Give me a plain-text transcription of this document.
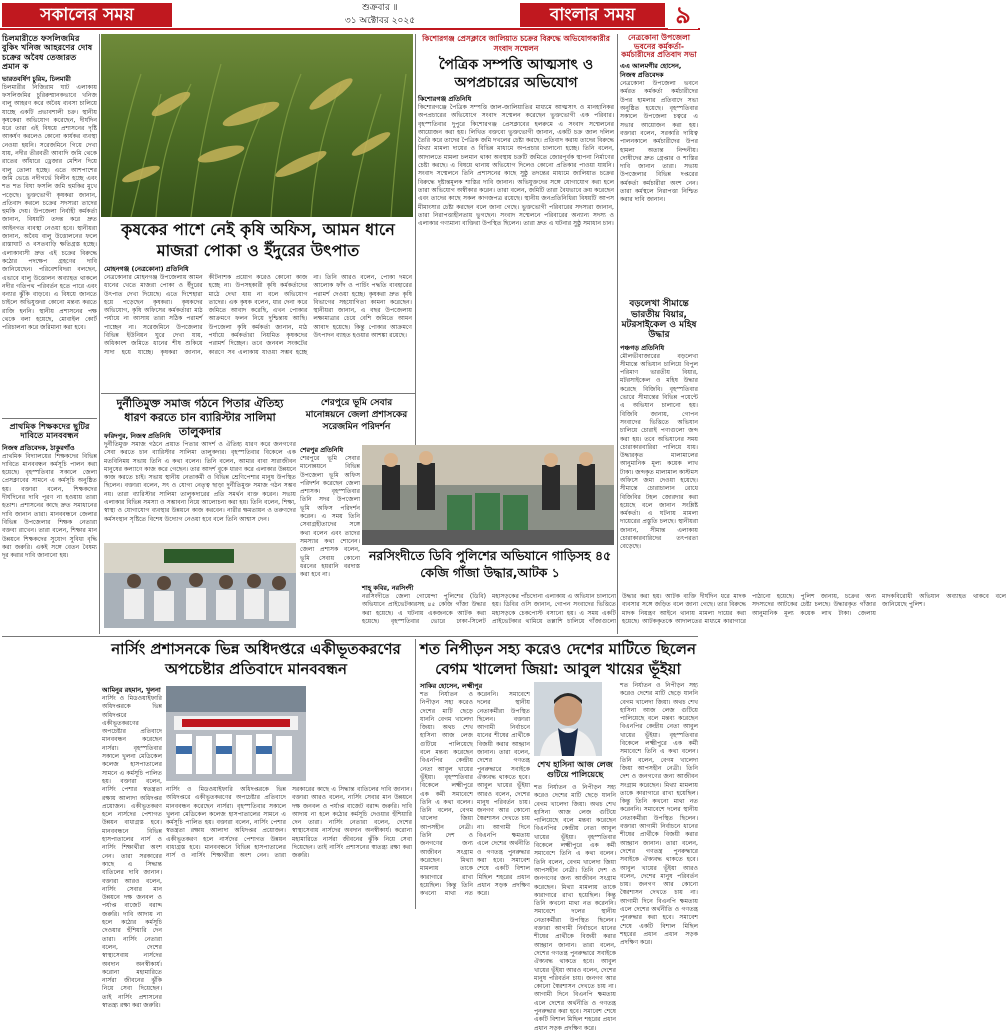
সকালের সময়	শুক্রবার ॥
৩১ অক্টোবর ২০২৫	বাংলার সময়	৯
চিলমারীতে ফসলিজমির বুকিং খনিজ আহরণের দোষ চক্রের অবৈধ তেজারত প্রমান ক
ভারতবর্ষিণ চুরিম, চিলমারী
চিলমারীর নিজিরাম ঘাট এলাকায় ফসলিজমির চুরিরুম্মানকভাবে খনিজ বালু আহরণ করে অবৈধ ব্যবসা চালিয়ে যাচ্ছে একটি প্রভাবশালী চক্র। স্থানীয় কৃষকেরা অভিযোগ করেছেন, দীর্ঘদিন ধরে তারা এই বিষয়ে প্রশাসনের দৃষ্টি আকর্ষণ করলেও কোনো কার্যকর ব্যবস্থা নেওয়া হয়নি। সরেজমিনে গিয়ে দেখা যায়, নদীর তীরবর্তী আবাদি জমি থেকে রাতের আঁধারে ড্রেজার মেশিন দিয়ে বালু তোলা হচ্ছে। এতে আশপাশের জমি ভেঙে নদীগর্ভে বিলীন হচ্ছে এবং শত শত বিঘা ফসলি জমি হুমকির মুখে পড়েছে। ভুক্তভোগী কৃষকরা জানান, প্রতিবাদ করলে চক্রের সদস্যরা তাদের হুমকি দেয়। উপজেলা নির্বাহী কর্মকর্তা জানান, বিষয়টি তদন্ত করে দ্রুত আইনগত ব্যবস্থা নেওয়া হবে। স্থানীয়রা জানান, অবৈধ বালু উত্তোলনের ফলে রাস্তাঘাট ও বসতবাড়ি ক্ষতিগ্রস্ত হচ্ছে। এলাকাবাসী দ্রুত এই চক্রের বিরুদ্ধে কঠোর পদক্ষেপ গ্রহণের দাবি জানিয়েছেন। পরিবেশবিদরা বলছেন, এভাবে বালু উত্তোলন অব্যাহত থাকলে নদীর গতিপথ পরিবর্তন হতে পারে এবং বন্যার ঝুঁকি বাড়বে। এ বিষয়ে জানতে চাইলে অভিযুক্তরা কোনো মন্তব্য করতে রাজি হননি। স্থানীয় প্রশাসনের পক্ষ থেকে বলা হয়েছে, মোবাইল কোর্ট পরিচালনা করে জরিমানা করা হবে।
প্রাথমিক শিক্ষকদের ছুটির দাবিতে মানববন্ধন
নিজস্ব প্রতিবেদক, ঠাকুরগাঁও
প্রাথমিক বিদ্যালয়ের শিক্ষকদের বিভিন্ন দাবিতে মানববন্ধন কর্মসূচি পালন করা হয়েছে। বৃহস্পতিবার সকালে জেলা প্রেসক্লাবের সামনে এ কর্মসূচি অনুষ্ঠিত হয়। বক্তারা বলেন, শিক্ষকদের দীর্ঘদিনের দাবি পূরণ না হওয়ায় তারা হতাশ। প্রশাসনের কাছে দ্রুত সমাধানের দাবি জানান তারা। মানববন্ধনে জেলার বিভিন্ন উপজেলার শিক্ষক নেতারা বক্তব্য রাখেন। তারা বলেন, শিক্ষার মান উন্নয়নে শিক্ষকদের সুযোগ সুবিধা বৃদ্ধি করা জরুরি। একই সঙ্গে বেতন বৈষম্য দূর করার দাবি জানানো হয়।
কৃষকের পাশে নেই কৃষি অফিস, আমন ধানে মাজরা পোকা ও ইঁদুরের উৎপাত
মোহনগঞ্জ (নেত্রকোনা) প্রতিনিধি
নেত্রকোনার মোহনগঞ্জ উপজেলায় আমন ধানের খেতে মাজরা পোকা ও ইঁদুরের উৎপাত দেখা দিয়েছে। এতে দিশেহারা হয়ে পড়েছেন কৃষকরা। কৃষকদের অভিযোগ, কৃষি অফিসের কর্মকর্তারা মাঠ পর্যায়ে না আসায় তারা সঠিক পরামর্শ পাচ্ছেন না। সরেজমিনে উপজেলার বিভিন্ন ইউনিয়ন ঘুরে দেখা যায়, অধিকাংশ জমিতে ধানের শীষ শুকিয়ে সাদা হয়ে যাচ্ছে। কৃষকরা জানান, কীটনাশক প্রয়োগ করেও কোনো কাজ হচ্ছে না। উপসহকারী কৃষি কর্মকর্তাদের মাঠে দেখা যায় না বলে অভিযোগ তাদের। এক কৃষক বলেন, ধার দেনা করে জমিতে আবাদ করেছি, এখন পোকার আক্রমণে ফলন নিয়ে দুশ্চিন্তায় আছি। উপজেলা কৃষি কর্মকর্তা জানান, মাঠ পর্যায়ে কর্মকর্তারা নিয়মিত কৃষকদের পরামর্শ দিচ্ছেন। তবে জনবল সংকটের কারণে সব এলাকায় যাওয়া সম্ভব হচ্ছে না। তিনি আরও বলেন, পোকা দমনে আলোক ফাঁদ ও পার্চিং পদ্ধতি ব্যবহারের পরামর্শ দেওয়া হচ্ছে। কৃষকরা দ্রুত কৃষি বিভাগের সহযোগিতা কামনা করেছেন। স্থানীয়রা জানান, এ বছর উপজেলায় লক্ষ্যমাত্রার চেয়ে বেশি জমিতে আমন আবাদ হয়েছে। কিন্তু পোকার আক্রমণে উৎপাদন ব্যাহত হওয়ার আশঙ্কা রয়েছে।
কিশোরগঞ্জ প্রেসক্লাবে জালিয়াত চক্রের বিরুদ্ধে অভিযোগকারীর সংবাদ সম্মেলন
পৈত্রিক সম্পত্তি আত্মসাৎ ও অপপ্রচারের অভিযোগ
কিশোরগঞ্জ প্রতিনিধি
কিশোরগঞ্জে পৈত্রিক সম্পত্তি জাল-জালিয়াতির মাধ্যমে আত্মসাৎ ও মানহানিকর অপপ্রচারের অভিযোগে সংবাদ সম্মেলন করেছেন ভুক্তভোগী এক পরিবার। বৃহস্পতিবার দুপুরে কিশোরগঞ্জ প্রেসক্লাবের হলরুমে এ সংবাদ সম্মেলনের আয়োজন করা হয়। লিখিত বক্তব্যে ভুক্তভোগী জানান, একটি চক্র জাল দলিল তৈরি করে তাদের পৈত্রিক জমি দখলের চেষ্টা করছে। প্রতিবাদ করায় তাদের বিরুদ্ধে মিথ্যা মামলা দায়ের ও বিভিন্ন মাধ্যমে অপপ্রচার চালানো হচ্ছে। তিনি বলেন, আদালতে মামলা চলমান থাকা অবস্থায় চক্রটি জমিতে জোরপূর্বক স্থাপনা নির্মাণের চেষ্টা করছে। এ বিষয়ে থানায় অভিযোগ দিলেও কোনো প্রতিকার পাওয়া যায়নি। সংবাদ সম্মেলনে তিনি প্রশাসনের কাছে সুষ্ঠু তদন্তের মাধ্যমে জালিয়াত চক্রের বিরুদ্ধে দৃষ্টান্তমূলক শাস্তির দাবি জানান। অভিযুক্তদের সঙ্গে যোগাযোগ করা হলে তারা অভিযোগ অস্বীকার করেন। তারা বলেন, জমিটি তারা বৈধভাবে ক্রয় করেছেন এবং তাদের কাছে সকল কাগজপত্র রয়েছে। স্থানীয় জনপ্রতিনিধিরা বিষয়টি আপস মীমাংসার চেষ্টা করছেন বলে জানা গেছে। ভুক্তভোগী পরিবারের সদস্যরা জানান, তারা নিরাপত্তাহীনতায় ভুগছেন। সংবাদ সম্মেলনে পরিবারের অন্যান্য সদস্য ও এলাকার গণ্যমান্য ব্যক্তিরা উপস্থিত ছিলেন। তারা দ্রুত এ ঘটনার সুষ্ঠু সমাধান চান।
নেত্রকোনা উপজেলা ভবনের কর্মকর্তা-কর্মচারীদের প্রতিবাদ সভা
এএ আলমগীর হোসেন, নিজস্ব প্রতিবেদক
নেত্রকোনা উপজেলা ভবনে কর্মরত কর্মকর্তা কর্মচারীদের উপর হামলার প্রতিবাদে সভা অনুষ্ঠিত হয়েছে। বৃহস্পতিবার সকালে উপজেলা চত্বরে এ সভার আয়োজন করা হয়। বক্তারা বলেন, সরকারি দায়িত্ব পালনকালে কর্মচারীদের উপর হামলা অত্যন্ত নিন্দনীয়। দোষীদের দ্রুত গ্রেপ্তার ও শাস্তির দাবি জানান তারা। সভায় উপজেলার বিভিন্ন দপ্তরের কর্মকর্তা কর্মচারীরা অংশ নেন। তারা কর্মস্থলে নিরাপত্তা নিশ্চিত করার দাবি জানান।
বড়লেখা সীমান্তে ভারতীয় বিয়ার, মটরসাইকেল ও মহিষ উদ্ধার
পঞ্চগড় প্রতিনিধি
মৌলভীবাজারের বড়লেখা সীমান্তে অভিযান চালিয়ে বিপুল পরিমাণ ভারতীয় বিয়ার, মটরসাইকেল ও মহিষ উদ্ধার করেছে বিজিবি। বৃহস্পতিবার ভোরে সীমান্তের বিভিন্ন পয়েন্টে এ অভিযান চালানো হয়। বিজিবি জানায়, গোপন সংবাদের ভিত্তিতে অভিযান চালিয়ে চোরাই পণ্যগুলো জব্দ করা হয়। তবে অভিযানের সময় চোরাকারবারিরা পালিয়ে যায়। উদ্ধারকৃত মালামালের আনুমানিক মূল্য কয়েক লাখ টাকা। জব্দকৃত মালামাল কাস্টমস অফিসে জমা দেওয়া হয়েছে। সীমান্তে চোরাচালান রোধে বিজিবির টহল জোরদার করা হয়েছে বলে জানান সংশ্লিষ্ট কর্মকর্তা। এ ঘটনায় মামলা দায়েরের প্রস্তুতি চলছে। স্থানীয়রা জানান, সীমান্ত এলাকায় চোরাকারবারিদের তৎপরতা বেড়েছে।
দুর্নীতিমুক্ত সমাজ গঠনে পিতার ঐতিহ্য ধারণ করতে চান ব্যারিস্টার সালিমা তালুকদার
ফরিদপুর, নিজস্ব প্রতিনিধি
দুর্নীতিমুক্ত সমাজ গঠনে প্রয়াত পিতার আদর্শ ও ঐতিহ্য ধারণ করে জনগণের সেবা করতে চান ব্যারিস্টার সালিমা তালুকদার। বৃহস্পতিবার বিকেলে এক মতবিনিময় সভায় তিনি এ কথা বলেন। তিনি বলেন, আমার বাবা সারাজীবন মানুষের কল্যাণে কাজ করে গেছেন। তার আদর্শ বুকে ধারণ করে এলাকার উন্নয়নে কাজ করতে চাই। সভায় স্থানীয় নেতাকর্মী ও বিভিন্ন শ্রেণিপেশার মানুষ উপস্থিত ছিলেন। বক্তারা বলেন, সৎ ও যোগ্য নেতৃত্ব ছাড়া দুর্নীতিমুক্ত সমাজ গঠন সম্ভব নয়। তারা ব্যারিস্টার সালিমা তালুকদারের প্রতি সমর্থন ব্যক্ত করেন। সভায় এলাকার বিভিন্ন সমস্যা ও সম্ভাবনা নিয়ে আলোচনা করা হয়। তিনি বলেন, শিক্ষা, স্বাস্থ্য ও যোগাযোগ ব্যবস্থার উন্নয়নে কাজ করবেন। নারীর ক্ষমতায়ন ও তরুণদের কর্মসংস্থান সৃষ্টিতে বিশেষ উদ্যোগ নেওয়া হবে বলে তিনি আশ্বাস দেন।
শেরপুরে ভূমি সেবার মানোন্নয়নে জেলা প্রশাসকের সরেজমিন পরিদর্শন
শেরপুর প্রতিনিধি
শেরপুরে ভূমি সেবার মানোন্নয়নে বিভিন্ন উপজেলা ভূমি অফিস পরিদর্শন করেছেন জেলা প্রশাসক। বৃহস্পতিবার তিনি সদর উপজেলা ভূমি অফিস পরিদর্শন করেন। এ সময় তিনি সেবাগ্রহীতাদের সঙ্গে কথা বলেন এবং তাদের সমস্যার কথা শোনেন। জেলা প্রশাসক বলেন, ভূমি সেবায় কোনো ধরনের হয়রানি বরদাস্ত করা হবে না।
নরসিংদীতে ডিবি পুলিশের অভিযানে গাড়িসহ ৪৫ কেজি গাঁজা উদ্ধার,আটক ১
শাহ্ কবির, নরসিংদী
নরসিংদীতে জেলা গোয়েন্দা পুলিশের (ডিবি) অভিযানে প্রাইভেটকারসহ ৪৫ কেজি গাঁজা উদ্ধার করা হয়েছে। এ ঘটনায় একজনকে আটক করা হয়েছে। বৃহস্পতিবার ভোরে ঢাকা-সিলেট মহাসড়কের পাঁচদোনা এলাকায় এ অভিযান চালানো হয়। ডিবির ওসি জানান, গোপন সংবাদের ভিত্তিতে মহাসড়কে চেকপোস্ট বসানো হয়। এ সময় একটি প্রাইভেটকার থামিয়ে তল্লাশি চালিয়ে গাঁজাগুলো উদ্ধার করা হয়। আটক ব্যক্তি দীর্ঘদিন ধরে মাদক ব্যবসার সঙ্গে জড়িত বলে জানা গেছে। তার বিরুদ্ধে মাদক নিয়ন্ত্রণ আইনে থানায় মামলা দায়ের করা হয়েছে। আটককৃতকে আদালতের মাধ্যমে কারাগারে পাঠানো হয়েছে। পুলিশ জানায়, চক্রের অন্য সদস্যদের আটকের চেষ্টা চলছে। উদ্ধারকৃত গাঁজার আনুমানিক মূল্য কয়েক লাখ টাকা। জেলায় মাদকবিরোধী অভিযান অব্যাহত থাকবে বলে জানিয়েছে পুলিশ।
নার্সিং প্রশাসনকে ভিন্ন অধিদপ্তরে একীভূতকরণের অপচেষ্টার প্রতিবাদে মানববন্ধন
শত নিপীড়ন সহ্য করেও দেশের মাটিতে ছিলেন বেগম খালেদা জিয়া: আবুল খায়ের ভূঁইয়া
আমিনুর রহমান, খুলনা
নার্সিং ও মিডওয়াইফারি অধিদপ্তরকে ভিন্ন অধিদপ্তরে একীভূতকরণের অপচেষ্টার প্রতিবাদে মানববন্ধন করেছেন নার্সরা। বৃহস্পতিবার সকালে খুলনা মেডিকেল কলেজ হাসপাতালের সামনে এ কর্মসূচি পালিত হয়। বক্তারা বলেন, নার্সিং পেশার স্বতন্ত্রতা রক্ষায় আলাদা অধিদপ্তর প্রয়োজন। একীভূতকরণ হলে নার্সদের পেশাগত উন্নয়ন বাধাগ্রস্ত হবে। মানববন্ধনে বিভিন্ন হাসপাতালের নার্স ও নার্সিং শিক্ষার্থীরা অংশ নেন। তারা সরকারের কাছে এ সিদ্ধান্ত বাতিলের দাবি জানান। বক্তারা আরও বলেন, নার্সিং সেবার মান উন্নয়নে দক্ষ জনবল ও পর্যাপ্ত বাজেট বরাদ্দ জরুরি। দাবি আদায় না হলে কঠোর কর্মসূচি দেওয়ার হুঁশিয়ারি দেন তারা। নার্সিং নেতারা বলেন, দেশের স্বাস্থ্যসেবায় নার্সদের অবদান অনস্বীকার্য। করোনা মহামারিতে নার্সরা জীবনের ঝুঁকি নিয়ে সেবা দিয়েছেন। তাই নার্সিং প্রশাসনের স্বাতন্ত্র্য রক্ষা করা জরুরি।
নার্সিং ও মিডওয়াইফারি অধিদপ্তরকে ভিন্ন অধিদপ্তরে একীভূতকরণের অপচেষ্টার প্রতিবাদে মানববন্ধন করেছেন নার্সরা। বৃহস্পতিবার সকালে খুলনা মেডিকেল কলেজ হাসপাতালের সামনে এ কর্মসূচি পালিত হয়। বক্তারা বলেন, নার্সিং পেশার স্বতন্ত্রতা রক্ষায় আলাদা অধিদপ্তর প্রয়োজন। একীভূতকরণ হলে নার্সদের পেশাগত উন্নয়ন বাধাগ্রস্ত হবে। মানববন্ধনে বিভিন্ন হাসপাতালের নার্স ও নার্সিং শিক্ষার্থীরা অংশ নেন। তারা সরকারের কাছে এ সিদ্ধান্ত বাতিলের দাবি জানান। বক্তারা আরও বলেন, নার্সিং সেবার মান উন্নয়নে দক্ষ জনবল ও পর্যাপ্ত বাজেট বরাদ্দ জরুরি। দাবি আদায় না হলে কঠোর কর্মসূচি দেওয়ার হুঁশিয়ারি দেন তারা। নার্সিং নেতারা বলেন, দেশের স্বাস্থ্যসেবায় নার্সদের অবদান অনস্বীকার্য। করোনা মহামারিতে নার্সরা জীবনের ঝুঁকি নিয়ে সেবা দিয়েছেন। তাই নার্সিং প্রশাসনের স্বাতন্ত্র্য রক্ষা করা জরুরি।
সাকির হোসেন, লক্ষ্মীপুর
শত নির্যাতন ও নিপীড়ন সহ্য করেও দেশের মাটি ছেড়ে যাননি বেগম খালেদা জিয়া। অথচ শেখ হাসিনা আজ লেজ গুটিয়ে পালিয়েছে বলে মন্তব্য করেছেন বিএনপির কেন্দ্রীয় নেতা আবুল খায়ের ভূঁইয়া। বৃহস্পতিবার বিকেলে লক্ষ্মীপুরে এক কর্মী সমাবেশে তিনি এ কথা বলেন। তিনি বলেন, বেগম খালেদা জিয়া আপসহীন নেত্রী। তিনি দেশ ও জনগণের জন্য আজীবন সংগ্রাম করেছেন। মিথ্যা মামলায় তাকে কারাগারে রাখা হয়েছিল। কিন্তু তিনি কখনো মাথা নত করেননি। সমাবেশে দলের স্থানীয় নেতাকর্মীরা উপস্থিত ছিলেন। বক্তারা আগামী নির্বাচনে ধানের শীষের প্রার্থীকে বিজয়ী করার আহ্বান জানান। তারা বলেন, দেশের গণতন্ত্র পুনরুদ্ধারে সবাইকে ঐক্যবদ্ধ থাকতে হবে। আবুল খায়ের ভূঁইয়া আরও বলেন, দেশের মানুষ পরিবর্তন চায়। জনগণ আর কোনো স্বৈরশাসন দেখতে চায় না। আগামী দিনে বিএনপি ক্ষমতায় এলে দেশের অর্থনীতি ও গণতন্ত্র পুনরুদ্ধার করা হবে। সমাবেশ শেষে একটি বিশাল মিছিল শহরের প্রধান প্রধান সড়ক প্রদক্ষিণ করে।
শেখ হাসিনা আজ লেজ গুটিয়ে পালিয়েছে
শত নির্যাতন ও নিপীড়ন সহ্য করেও দেশের মাটি ছেড়ে যাননি বেগম খালেদা জিয়া। অথচ শেখ হাসিনা আজ লেজ গুটিয়ে পালিয়েছে বলে মন্তব্য করেছেন বিএনপির কেন্দ্রীয় নেতা আবুল খায়ের ভূঁইয়া। বৃহস্পতিবার বিকেলে লক্ষ্মীপুরে এক কর্মী সমাবেশে তিনি এ কথা বলেন। তিনি বলেন, বেগম খালেদা জিয়া আপসহীন নেত্রী। তিনি দেশ ও জনগণের জন্য আজীবন সংগ্রাম করেছেন। মিথ্যা মামলায় তাকে কারাগারে রাখা হয়েছিল। কিন্তু তিনি কখনো মাথা নত করেননি। সমাবেশে দলের স্থানীয় নেতাকর্মীরা উপস্থিত ছিলেন। বক্তারা আগামী নির্বাচনে ধানের শীষের প্রার্থীকে বিজয়ী করার আহ্বান জানান। তারা বলেন, দেশের গণতন্ত্র পুনরুদ্ধারে সবাইকে ঐক্যবদ্ধ থাকতে হবে। আবুল খায়ের ভূঁইয়া আরও বলেন, দেশের মানুষ পরিবর্তন চায়। জনগণ আর কোনো স্বৈরশাসন দেখতে চায় না। আগামী দিনে বিএনপি ক্ষমতায় এলে দেশের অর্থনীতি ও গণতন্ত্র পুনরুদ্ধার করা হবে। সমাবেশ শেষে একটি বিশাল মিছিল শহরের প্রধান প্রধান সড়ক প্রদক্ষিণ করে।
শত নির্যাতন ও নিপীড়ন সহ্য করেও দেশের মাটি ছেড়ে যাননি বেগম খালেদা জিয়া। অথচ শেখ হাসিনা আজ লেজ গুটিয়ে পালিয়েছে বলে মন্তব্য করেছেন বিএনপির কেন্দ্রীয় নেতা আবুল খায়ের ভূঁইয়া। বৃহস্পতিবার বিকেলে লক্ষ্মীপুরে এক কর্মী সমাবেশে তিনি এ কথা বলেন। তিনি বলেন, বেগম খালেদা জিয়া আপসহীন নেত্রী। তিনি দেশ ও জনগণের জন্য আজীবন সংগ্রাম করেছেন। মিথ্যা মামলায় তাকে কারাগারে রাখা হয়েছিল। কিন্তু তিনি কখনো মাথা নত করেননি। সমাবেশে দলের স্থানীয় নেতাকর্মীরা উপস্থিত ছিলেন। বক্তারা আগামী নির্বাচনে ধানের শীষের প্রার্থীকে বিজয়ী করার আহ্বান জানান। তারা বলেন, দেশের গণতন্ত্র পুনরুদ্ধারে সবাইকে ঐক্যবদ্ধ থাকতে হবে। আবুল খায়ের ভূঁইয়া আরও বলেন, দেশের মানুষ পরিবর্তন চায়। জনগণ আর কোনো স্বৈরশাসন দেখতে চায় না। আগামী দিনে বিএনপি ক্ষমতায় এলে দেশের অর্থনীতি ও গণতন্ত্র পুনরুদ্ধার করা হবে। সমাবেশ শেষে একটি বিশাল মিছিল শহরের প্রধান প্রধান সড়ক প্রদক্ষিণ করে।
